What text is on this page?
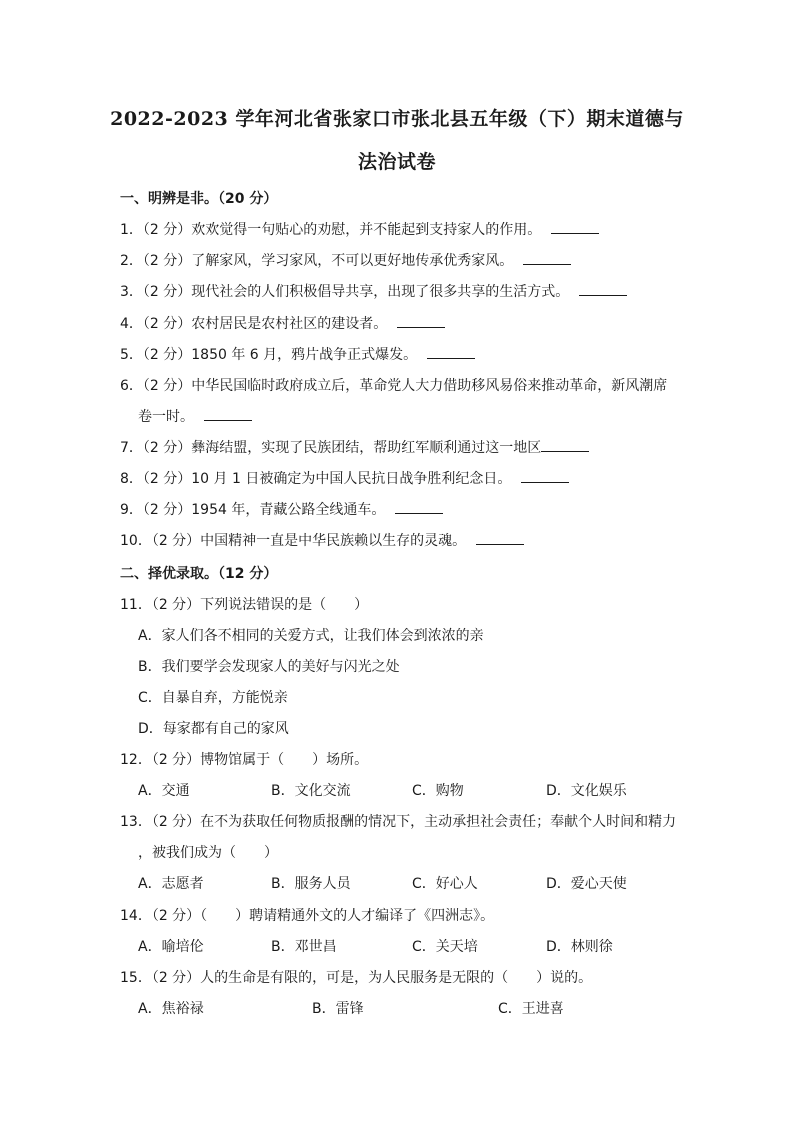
2022-2023 学年河北省张家口市张北县五年级（下）期末道德与
法治试卷
一、明辨是非。（20 分）
1．（2 分）欢欢觉得一句贴心的劝慰，并不能起到支持家人的作用。
2．（2 分）了解家风，学习家风，不可以更好地传承优秀家风。
3．（2 分）现代社会的人们积极倡导共享，出现了很多共享的生活方式。
4．（2 分）农村居民是农村社区的建设者。
5．（2 分）1850 年 6 月，鸦片战争正式爆发。
6．（2 分）中华民国临时政府成立后，革命党人大力借助移风易俗来推动革命，新风潮席
卷一时。
7．（2 分）彝海结盟，实现了民族团结，帮助红军顺利通过这一地区
8．（2 分）10 月 1 日被确定为中国人民抗日战争胜利纪念日。
9．（2 分）1954 年，青藏公路全线通车。
10．（2 分）中国精神一直是中华民族赖以生存的灵魂。
二、择优录取。（12 分）
11．（2 分）下列说法错误的是（　　）
A．家人们各不相同的关爱方式，让我们体会到浓浓的亲
B．我们要学会发现家人的美好与闪光之处
C．自暴自弃，方能悦亲
D．每家都有自己的家风
12．（2 分）博物馆属于（　　）场所。
A．交通	B．文化交流	C．购物	D．文化娱乐
13．（2 分）在不为获取任何物质报酬的情况下，主动承担社会责任；奉献个人时间和精力
，被我们成为（　　）
A．志愿者	B．服务人员	C．好心人	D．爱心天使
14．（2 分）（　　）聘请精通外文的人才编译了《四洲志》。
A．喻培伦	B．邓世昌	C．关天培	D．林则徐
15．（2 分）人的生命是有限的，可是，为人民服务是无限的（　　）说的。
A．焦裕禄	B．雷锋	C．王进喜
